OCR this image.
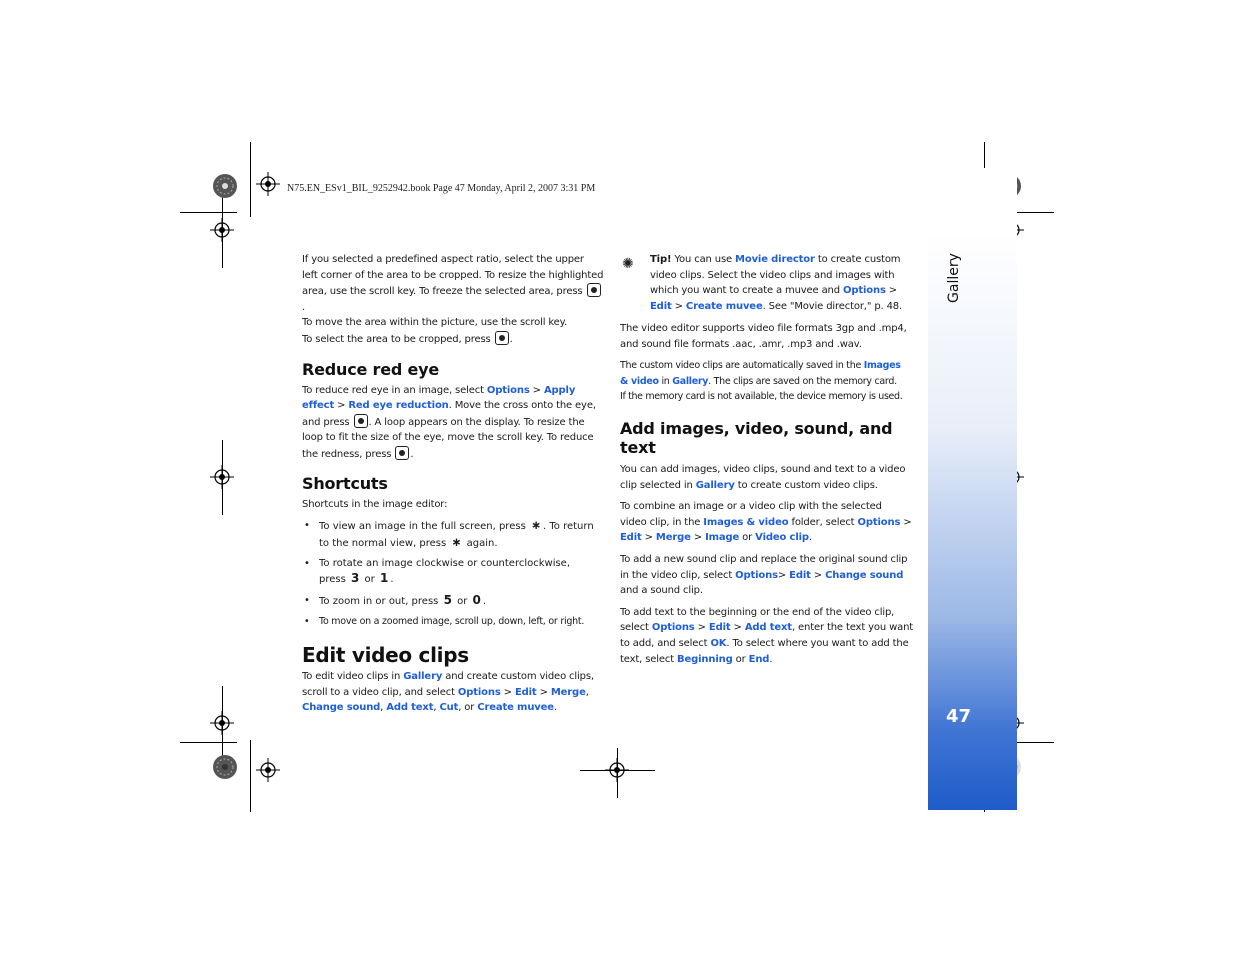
N75.EN_ESv1_BIL_9252942.book Page 47 Monday, April 2, 2007 3:31 PM
Gallery
47
If you selected a predefined aspect ratio, select the upper
left corner of the area to be cropped. To resize the highlighted
area, use the scroll key. To freeze the selected area, press .
To move the area within the picture, use the scroll key.
To select the area to be cropped, press .
Reduce red eye
To reduce red eye in an image, select Options > Apply
effect > Red eye reduction. Move the cross onto the eye,
and press . A loop appears on the display. To resize the
loop to fit the size of the eye, move the scroll key. To reduce
the redness, press .
Shortcuts
Shortcuts in the image editor:
• To view an image in the full screen, press ∗ . To return
to the normal view, press ∗ again.
• To rotate an image clockwise or counterclockwise,
press 3 or 1 .
• To zoom in or out, press 5 or 0 .
• To move on a zoomed image, scroll up, down, left, or right.
Edit video clips
To edit video clips in Gallery and create custom video clips,
scroll to a video clip, and select Options > Edit > Merge,
Change sound, Add text, Cut, or Create muvee.
✺ Tip! You can use Movie director to create custom
video clips. Select the video clips and images with
which you want to create a muvee and Options >
Edit > Create muvee. See "Movie director," p. 48.
The video editor supports video file formats 3gp and .mp4,
and sound file formats .aac, .amr, .mp3 and .wav.
The custom video clips are automatically saved in the Images
& video in Gallery. The clips are saved on the memory card.
If the memory card is not available, the device memory is used.
Add images, video, sound, and text
You can add images, video clips, sound and text to a video
clip selected in Gallery to create custom video clips.
To combine an image or a video clip with the selected
video clip, in the Images & video folder, select Options >
Edit > Merge > Image or Video clip.
To add a new sound clip and replace the original sound clip
in the video clip, select Options> Edit > Change sound
and a sound clip.
To add text to the beginning or the end of the video clip,
select Options > Edit > Add text, enter the text you want
to add, and select OK. To select where you want to add the
text, select Beginning or End.
